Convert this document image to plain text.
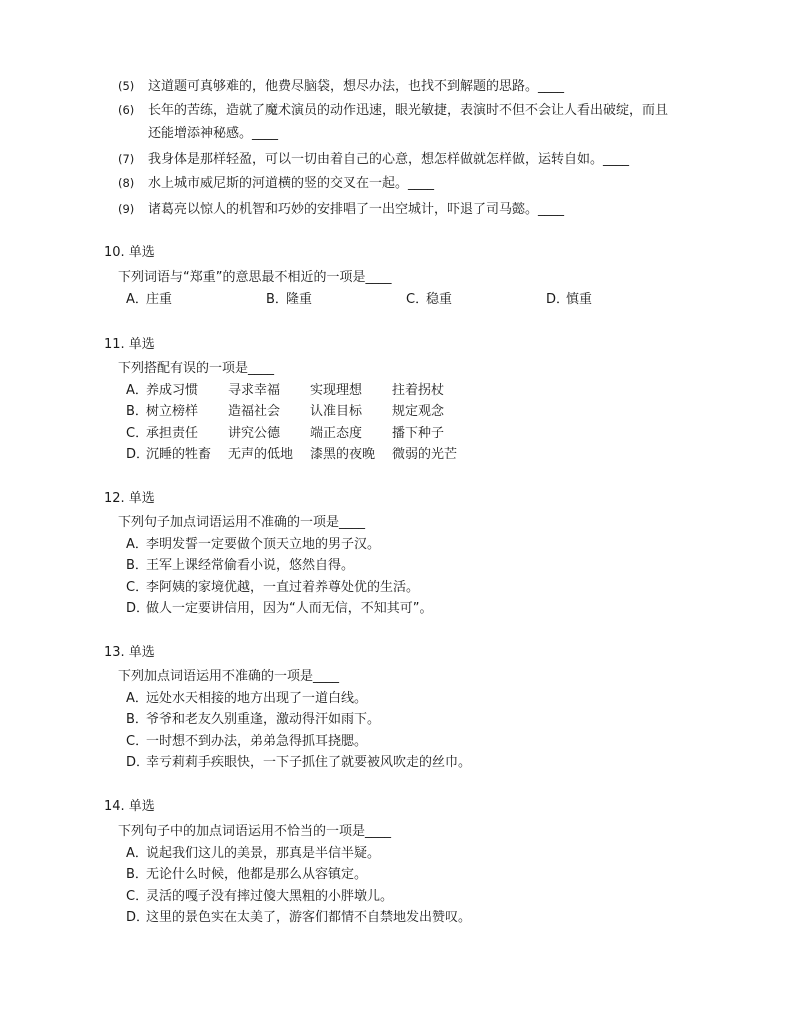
(5) 这道题可真够难的，他费尽脑袋，想尽办法，也找不到解题的思路。____
(6) 长年的苦练，造就了魔术演员的动作迅速，眼光敏捷，表演时不但不会让人看出破绽，而且
还能增添神秘感。____
(7) 我身体是那样轻盈，可以一切由着自己的心意，想怎样做就怎样做，运转自如。____
(8) 水上城市威尼斯的河道横的竖的交叉在一起。____
(9) 诸葛亮以惊人的机智和巧妙的安排唱了一出空城计，吓退了司马懿。____
10. 单选
下列词语与“郑重”的意思最不相近的一项是____
A．庄重	B．隆重	C．稳重	D．慎重
11. 单选
下列搭配有误的一项是____
A．
养成习惯 寻求幸福 实现理想 拄着拐杖
B．
树立榜样 造福社会 认准目标 规定观念
C．
承担责任 讲究公德 端正态度 播下种子
D．
沉睡的牲畜 无声的低地 漆黑的夜晚 微弱的光芒
12. 单选
下列句子加点词语运用不准确的一项是____
A．李明发誓一定要做个顶天立地的男子汉。
B．王军上课经常偷看小说，悠然自得。
C．李阿姨的家境优越，一直过着养尊处优的生活。
D．做人一定要讲信用，因为“人而无信，不知其可”。
13. 单选
下列加点词语运用不准确的一项是____
A．远处水天相接的地方出现了一道白线。
B．爷爷和老友久别重逢，激动得汗如雨下。
C．一时想不到办法，弟弟急得抓耳挠腮。
D．幸亏莉莉手疾眼快，一下子抓住了就要被风吹走的丝巾。
14. 单选
下列句子中的加点词语运用不恰当的一项是____
A．说起我们这儿的美景，那真是半信半疑。
B．无论什么时候，他都是那么从容镇定。
C．灵活的嘎子没有摔过傻大黑粗的小胖墩儿。
D．这里的景色实在太美了，游客们都情不自禁地发出赞叹。
